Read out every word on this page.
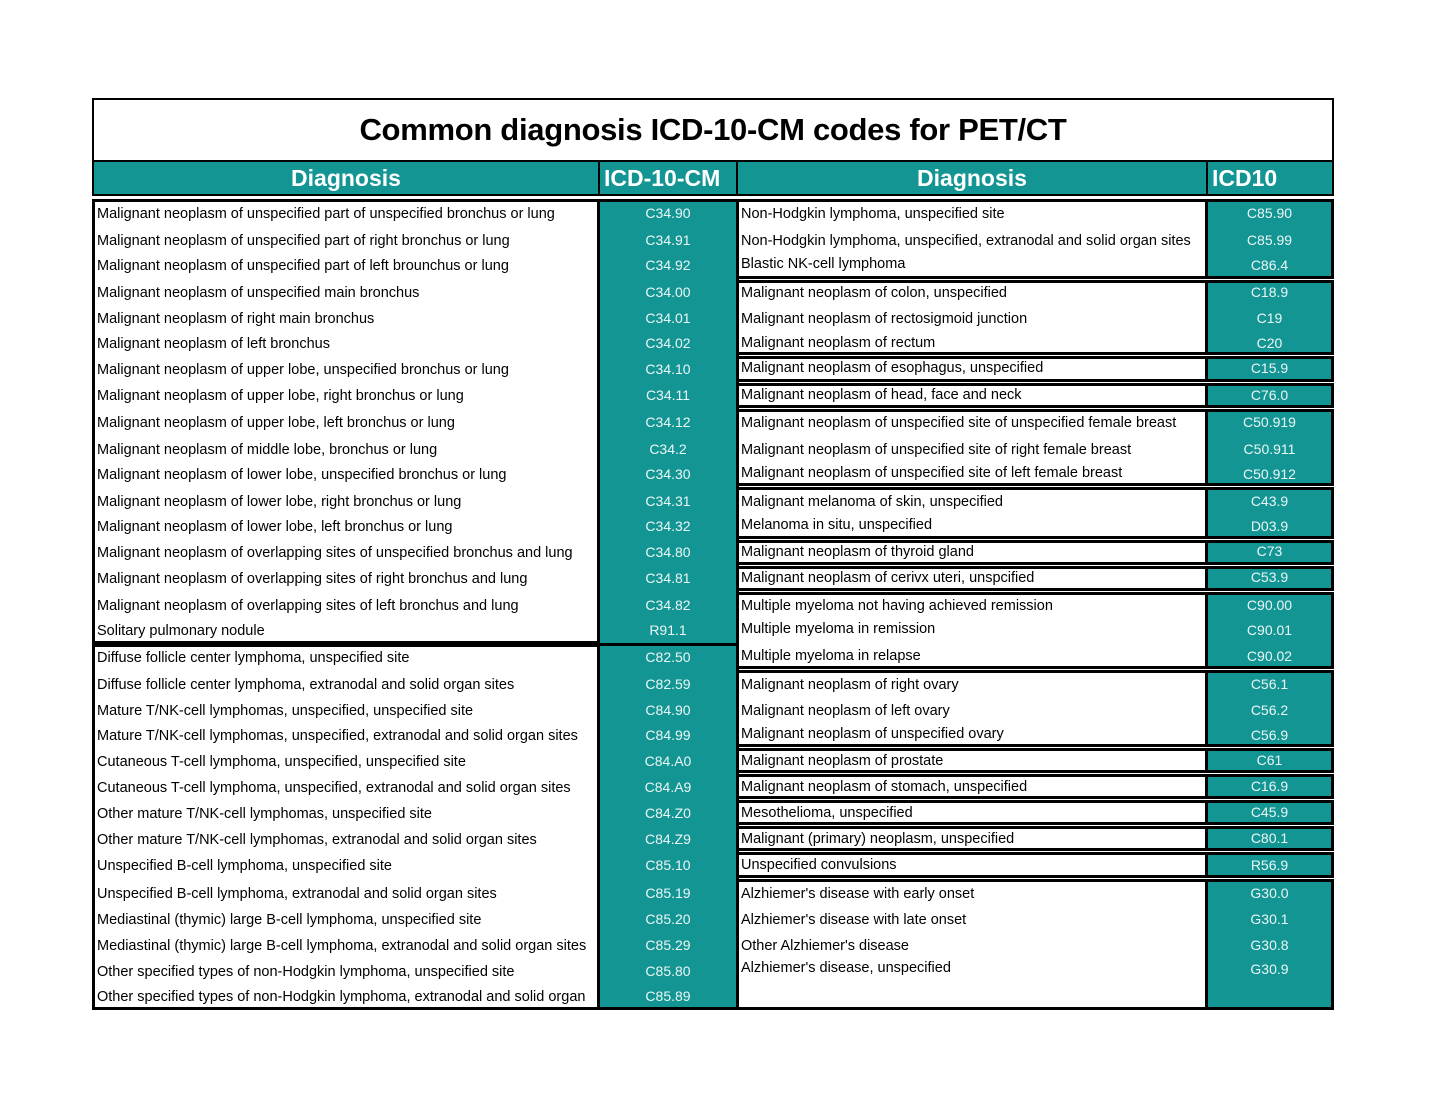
Common diagnosis ICD-10-CM codes for PET/CT
Diagnosis	ICD-10-CM	Diagnosis	ICD10
Malignant neoplasm of unspecified part of unspecified bronchus or lung	C34.90
Malignant neoplasm of unspecified part of right bronchus or lung	C34.91
Malignant neoplasm of unspecified part of left brounchus or lung	C34.92
Malignant neoplasm of unspecified main bronchus	C34.00
Malignant neoplasm of right main bronchus	C34.01
Malignant neoplasm of left bronchus	C34.02
Malignant neoplasm of upper lobe, unspecified bronchus or lung	C34.10
Malignant neoplasm of upper lobe, right bronchus or lung	C34.11
Malignant neoplasm of upper lobe, left bronchus or lung	C34.12
Malignant neoplasm of middle lobe, bronchus or lung	C34.2
Malignant neoplasm of lower lobe, unspecified bronchus or lung	C34.30
Malignant neoplasm of lower lobe, right bronchus or lung	C34.31
Malignant neoplasm of lower lobe, left bronchus or lung	C34.32
Malignant neoplasm of overlapping sites of unspecified bronchus and lung	C34.80
Malignant neoplasm of overlapping sites of right bronchus and lung	C34.81
Malignant neoplasm of overlapping sites of left bronchus and lung	C34.82
Solitary pulmonary nodule	R91.1
Diffuse follicle center lymphoma, unspecified site	C82.50
Diffuse follicle center lymphoma, extranodal and solid organ sites	C82.59
Mature T/NK-cell lymphomas, unspecified, unspecified site	C84.90
Mature T/NK-cell lymphomas, unspecified, extranodal and solid organ sites	C84.99
Cutaneous T-cell lymphoma, unspecified, unspecified site	C84.A0
Cutaneous T-cell lymphoma, unspecified, extranodal and solid organ sites	C84.A9
Other mature T/NK-cell lymphomas, unspecified site	C84.Z0
Other mature T/NK-cell lymphomas, extranodal and solid organ sites	C84.Z9
Unspecified B-cell lymphoma, unspecified site	C85.10
Unspecified B-cell lymphoma, extranodal and solid organ sites	C85.19
Mediastinal (thymic) large B-cell lymphoma, unspecified site	C85.20
Mediastinal (thymic) large B-cell lymphoma, extranodal and solid organ sites	C85.29
Other specified types of non-Hodgkin lymphoma, unspecified site	C85.80
Other specified types of non-Hodgkin lymphoma, extranodal and solid organ	C85.89
Non-Hodgkin lymphoma, unspecified site	C85.90
Non-Hodgkin lymphoma, unspecified, extranodal and solid organ sites	C85.99
Blastic NK-cell lymphoma	C86.4
Malignant neoplasm of colon, unspecified	C18.9
Malignant neoplasm of rectosigmoid junction	C19
Malignant neoplasm of rectum	C20
Malignant neoplasm of esophagus, unspecified	C15.9
Malignant neoplasm of head, face and neck	C76.0
Malignant neoplasm of unspecified site of unspecified female breast	C50.919
Malignant neoplasm of unspecified site of right female breast	C50.911
Malignant neoplasm of unspecified site of left female breast	C50.912
Malignant melanoma of skin, unspecified	C43.9
Melanoma in situ, unspecified	D03.9
Malignant neoplasm of thyroid gland	C73
Malignant neoplasm of cerivx uteri, unspcified	C53.9
Multiple myeloma not having achieved remission	C90.00
Multiple myeloma in remission	C90.01
Multiple myeloma in relapse	C90.02
Malignant neoplasm of right ovary	C56.1
Malignant neoplasm of left ovary	C56.2
Malignant neoplasm of unspecified ovary	C56.9
Malignant neoplasm of prostate	C61
Malignant neoplasm of stomach, unspecified	C16.9
Mesothelioma, unspecified	C45.9
Malignant (primary) neoplasm, unspecified	C80.1
Unspecified convulsions	R56.9
Alzhiemer's disease with early onset	G30.0
Alzhiemer's disease with late onset	G30.1
Other Alzhiemer's disease	G30.8
Alzhiemer's disease, unspecified	G30.9
